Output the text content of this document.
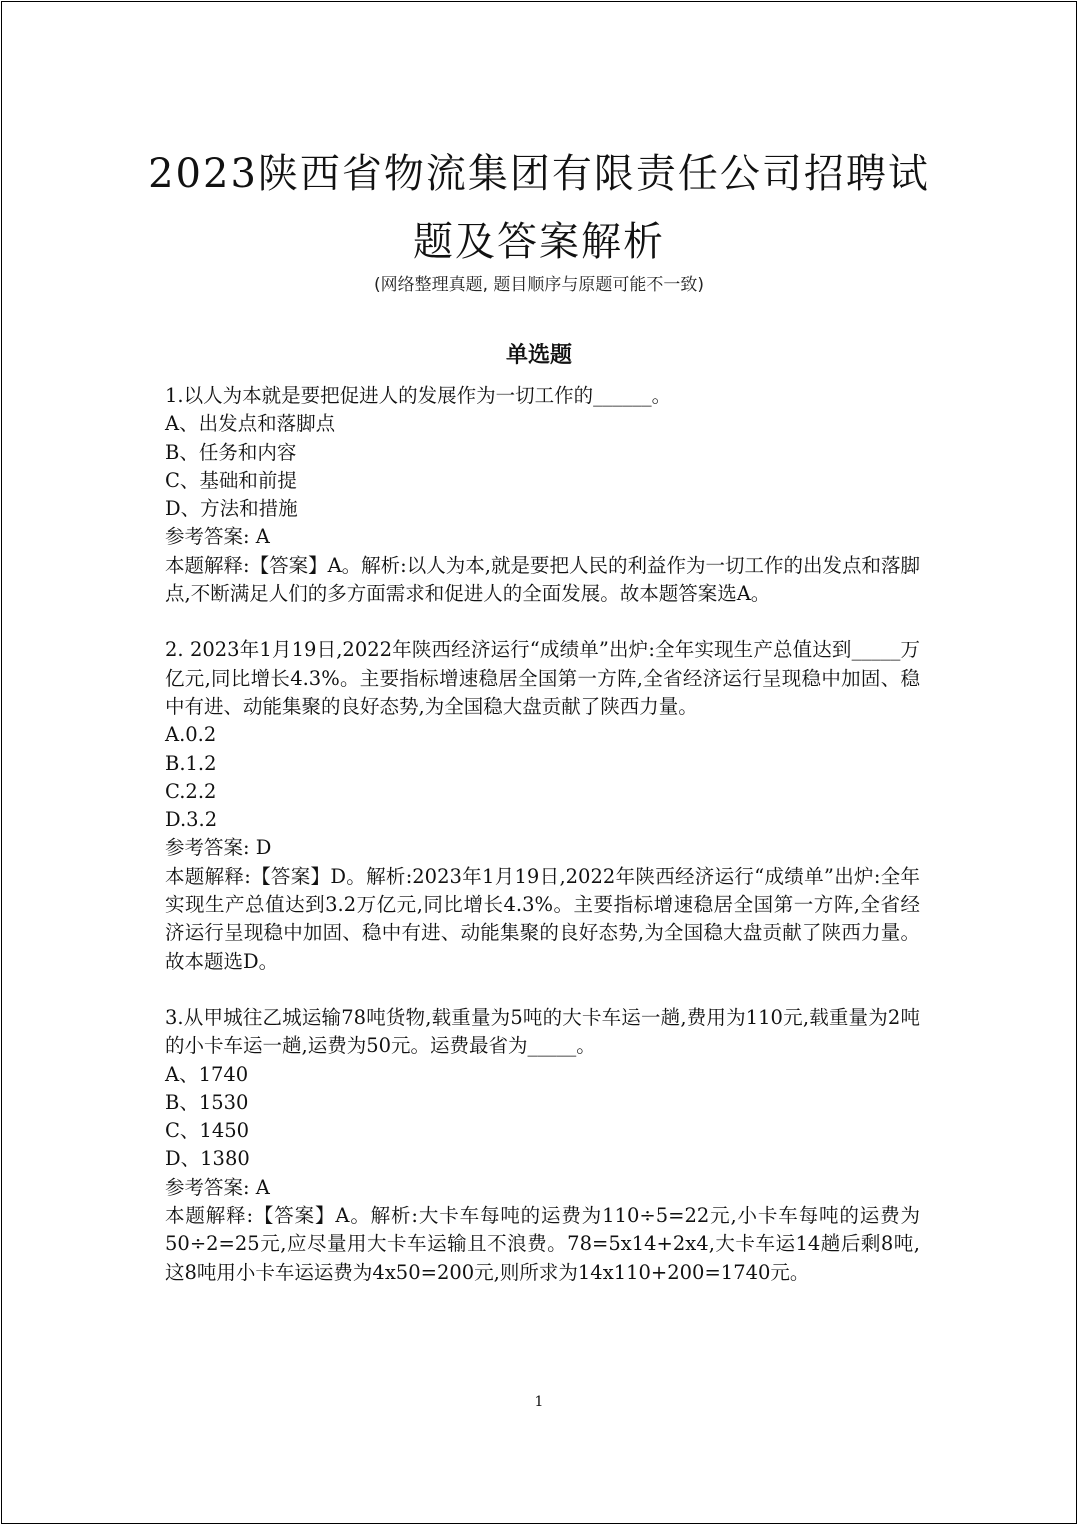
2023陕西省物流集团有限责任公司招聘试
题及答案解析
(网络整理真题, 题目顺序与原题可能不一致)
单选题
1.以人为本就是要把促进人的发展作为一切工作的______。
A、出发点和落脚点
B、任务和内容
C、基础和前提
D、方法和措施
参考答案: A
本题解释:【答案】A。解析:以人为本,就是要把人民的利益作为一切工作的出发点和落脚点,不断满足人们的多方面需求和促进人的全面发展。故本题答案选A。
2. 2023年1月19日,2022年陕西经济运行“成绩单”出炉:全年实现生产总值达到_____万亿元,同比增长4.3%。主要指标增速稳居全国第一方阵,全省经济运行呈现稳中加固、稳中有进、动能集聚的良好态势,为全国稳大盘贡献了陕西力量。
A.0.2
B.1.2
C.2.2
D.3.2
参考答案: D
本题解释:【答案】D。解析:2023年1月19日,2022年陕西经济运行“成绩单”出炉:全年实现生产总值达到3.2万亿元,同比增长4.3%。主要指标增速稳居全国第一方阵,全省经济运行呈现稳中加固、稳中有进、动能集聚的良好态势,为全国稳大盘贡献了陕西力量。故本题选D。
3.从甲城往乙城运输78吨货物,载重量为5吨的大卡车运一趟,费用为110元,载重量为2吨的小卡车运一趟,运费为50元。运费最省为_____。
A、1740
B、1530
C、1450
D、1380
参考答案: A
本题解释:【答案】A。解析:大卡车每吨的运费为110÷5=22元,小卡车每吨的运费为50÷2=25元,应尽量用大卡车运输且不浪费。78=5x14+2x4,大卡车运14趟后剩8吨,这8吨用小卡车运运费为4x50=200元,则所求为14x110+200=1740元。
1
